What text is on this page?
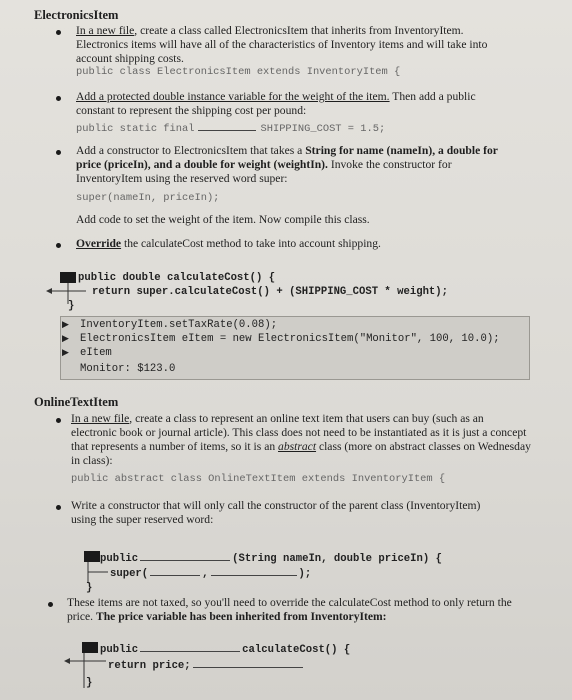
ElectronicsItem
In a new file, create a class called ElectronicsItem that inherits from InventoryItem. Electronics items will have all of the characteristics of Inventory items and will take into account shipping costs.
public class ElectronicsItem extends InventoryItem {
Add a protected double instance variable for the weight of the item. Then add a public constant to represent the shipping cost per pound:
public static final	SHIPPING_COST = 1.5;
Add a constructor to ElectronicsItem that takes a String for name (nameIn), a double for price (priceIn), and a double for weight (weightIn). Invoke the constructor for InventoryItem using the reserved word super:
super(nameIn, priceIn);
Add code to set the weight of the item. Now compile this class.
Override the calculateCost method to take into account shipping.
public double calculateCost() {
return super.calculateCost() + (SHIPPING_COST * weight);
}
▶
▶
▶
InventoryItem.setTaxRate(0.08);
ElectronicsItem eItem = new ElectronicsItem("Monitor", 100, 10.0);
eItem
Monitor: $123.0
OnlineTextItem
In a new file, create a class to represent an online text item that users can buy (such as an electronic book or journal article). This class does not need to be instantiated as it is just a concept that represents a number of items, so it is an abstract class (more on abstract classes on Wednesday in class):
public abstract class OnlineTextItem extends InventoryItem {
Write a constructor that will only call the constructor of the parent class (InventoryItem) using the super reserved word:
public	(String nameIn, double priceIn) {
super(	,	);
}
These items are not taxed, so you'll need to override the calculateCost method to only return the price. The price variable has been inherited from InventoryItem:
public	calculateCost() {
return price;
}
